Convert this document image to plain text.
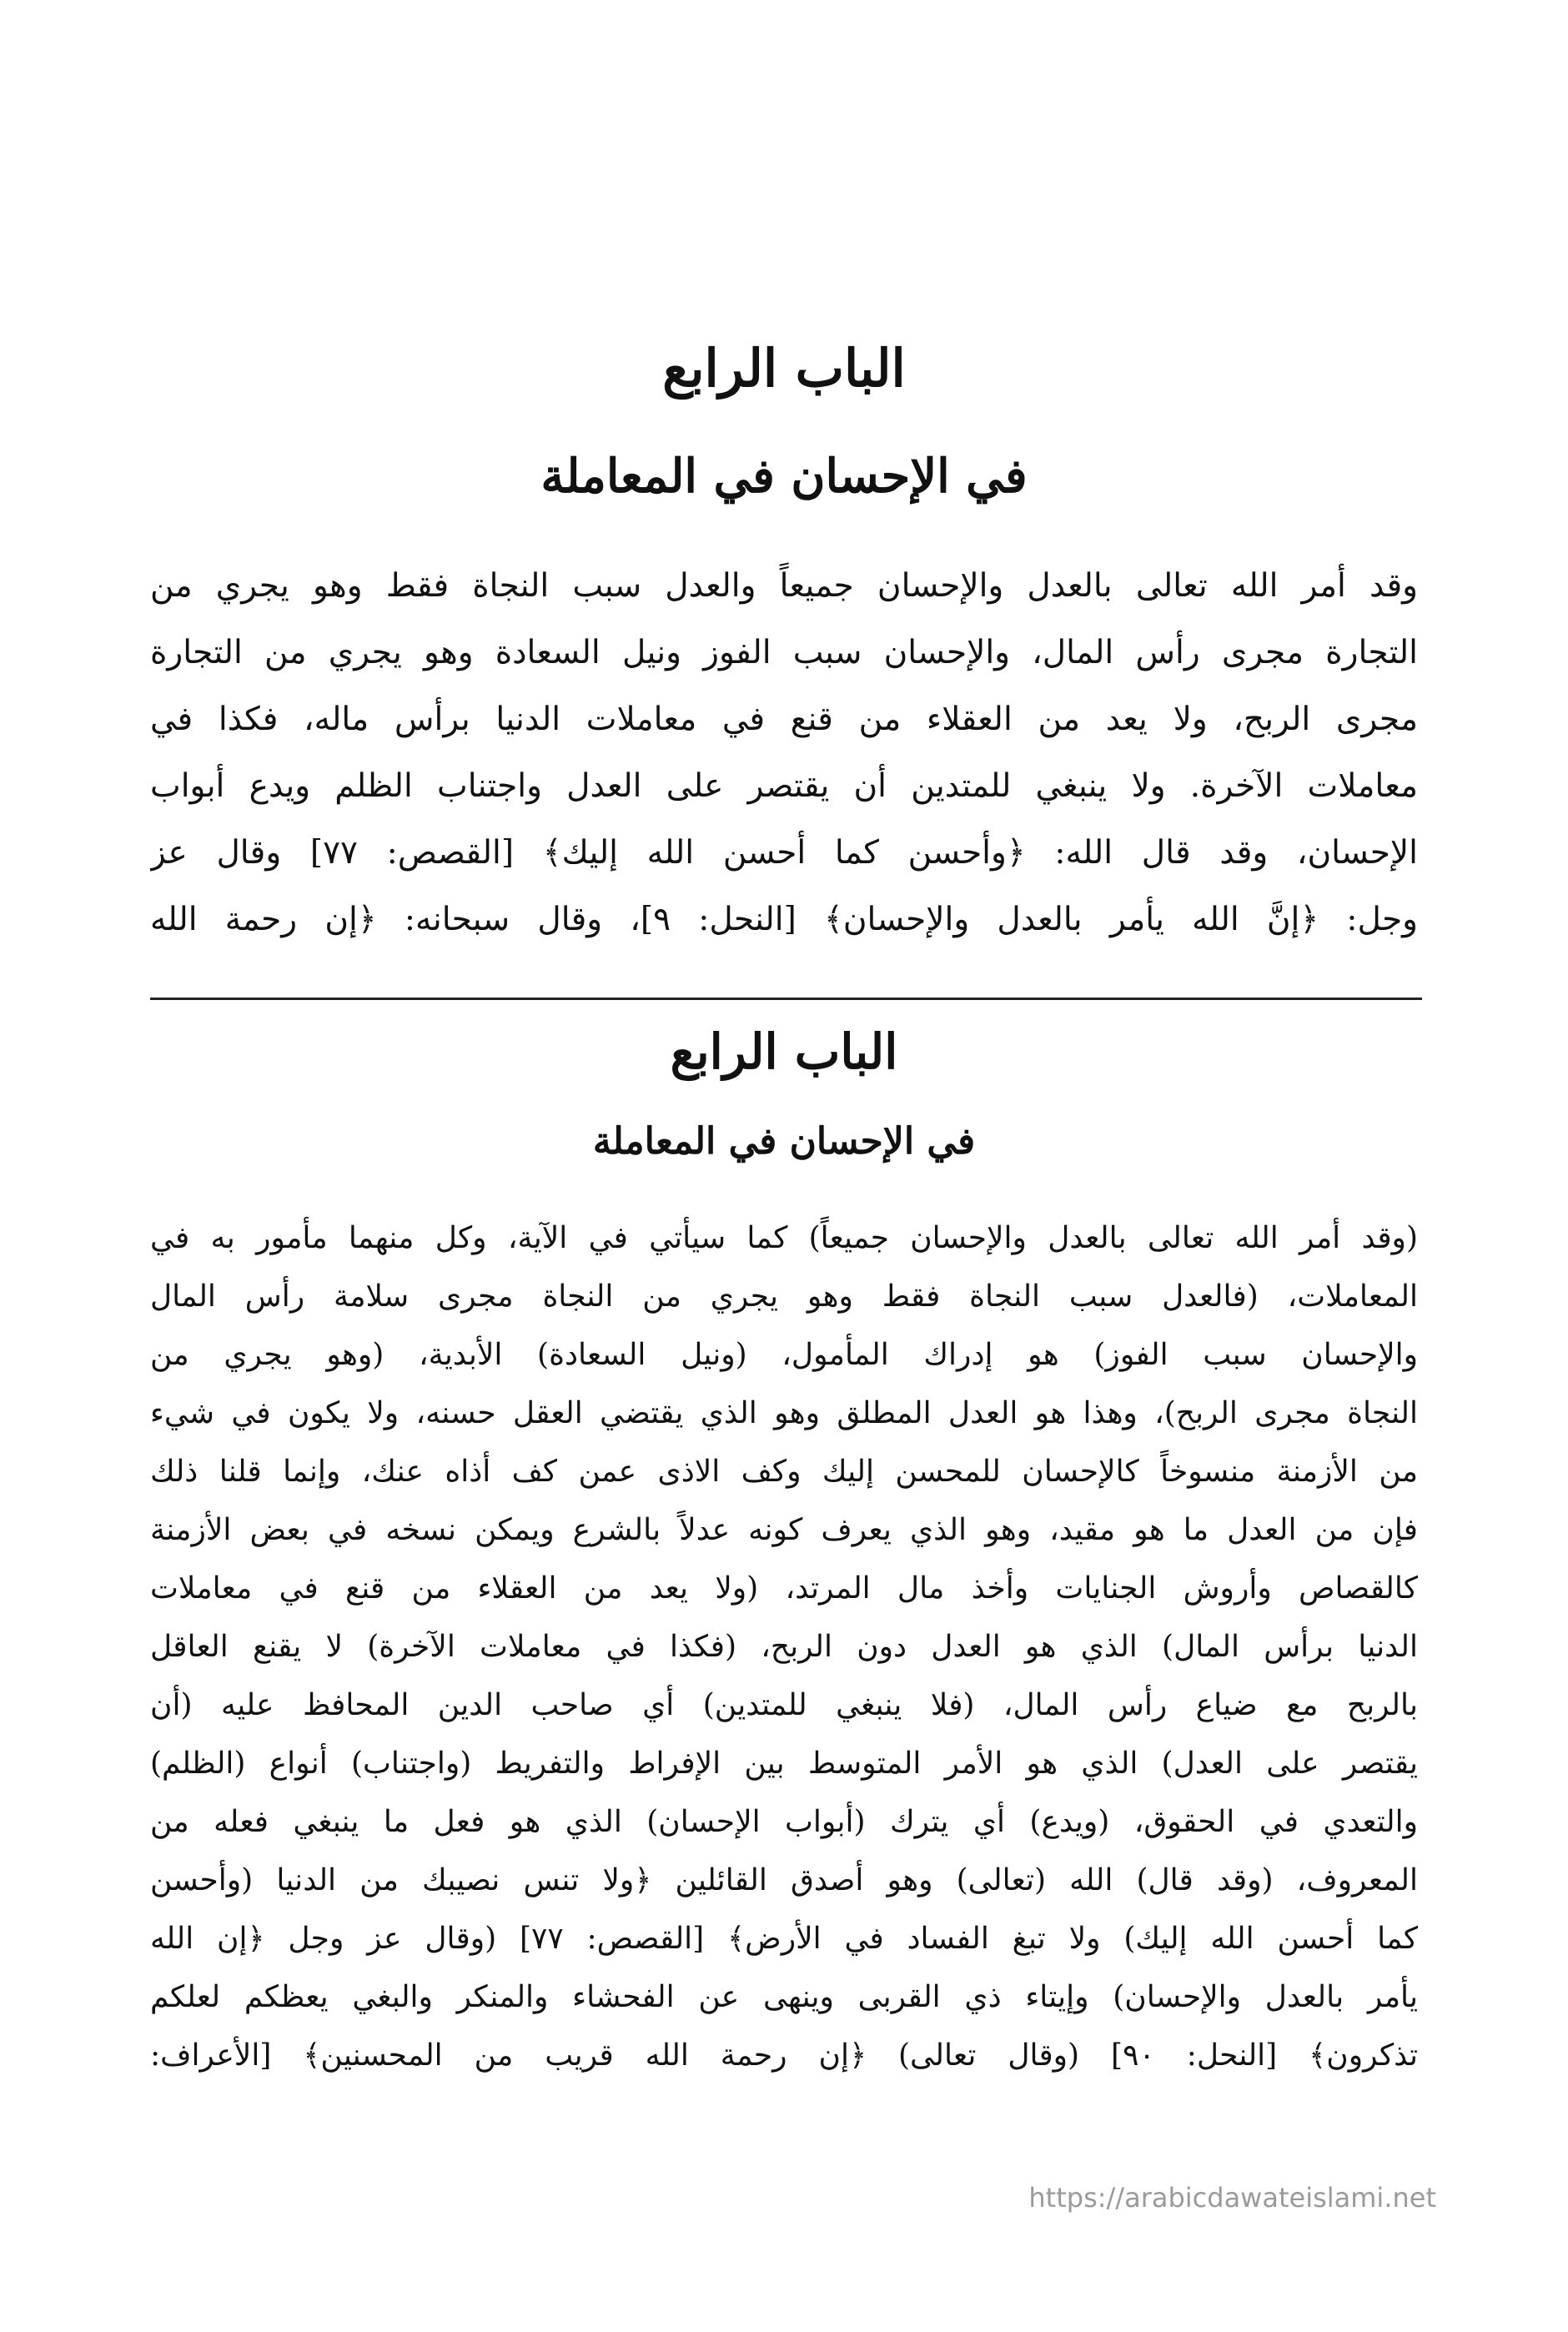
الباب الرابع
في الإحسان في المعاملة
وقد أمر الله تعالى بالعدل والإحسان جميعاً والعدل سبب النجاة فقط وهو يجري من
التجارة مجرى رأس المال، والإحسان سبب الفوز ونيل السعادة وهو يجري من التجارة
مجرى الربح، ولا يعد من العقلاء من قنع في معاملات الدنيا برأس ماله، فكذا في
معاملات الآخرة. ولا ينبغي للمتدين أن يقتصر على العدل واجتناب الظلم ويدع أبواب
الإحسان، وقد قال الله: ﴿وأحسن كما أحسن الله إليك﴾ [القصص: ٧٧] وقال عز
وجل: ﴿إنَّ الله يأمر بالعدل والإحسان﴾ [النحل: ٩]، وقال سبحانه: ﴿إن رحمة الله
الباب الرابع
في الإحسان في المعاملة
(وقد أمر الله تعالى بالعدل والإحسان جميعاً) كما سيأتي في الآية، وكل منهما مأمور به في
المعاملات، (فالعدل سبب النجاة فقط وهو يجري من النجاة مجرى سلامة رأس المال
والإحسان سبب الفوز) هو إدراك المأمول، (ونيل السعادة) الأبدية، (وهو يجري من
النجاة مجرى الربح)، وهذا هو العدل المطلق وهو الذي يقتضي العقل حسنه، ولا يكون في شيء
من الأزمنة منسوخاً كالإحسان للمحسن إليك وكف الاذى عمن كف أذاه عنك، وإنما قلنا ذلك
فإن من العدل ما هو مقيد، وهو الذي يعرف كونه عدلاً بالشرع ويمكن نسخه في بعض الأزمنة
كالقصاص وأروش الجنايات وأخذ مال المرتد، (ولا يعد من العقلاء من قنع في معاملات
الدنيا برأس المال) الذي هو العدل دون الربح، (فكذا في معاملات الآخرة) لا يقنع العاقل
بالربح مع ضياع رأس المال، (فلا ينبغي للمتدين) أي صاحب الدين المحافظ عليه (أن
يقتصر على العدل) الذي هو الأمر المتوسط بين الإفراط والتفريط (واجتناب) أنواع (الظلم)
والتعدي في الحقوق، (ويدع) أي يترك (أبواب الإحسان) الذي هو فعل ما ينبغي فعله من
المعروف، (وقد قال) الله (تعالى) وهو أصدق القائلين ﴿ولا تنس نصيبك من الدنيا (وأحسن
كما أحسن الله إليك) ولا تبغ الفساد في الأرض﴾ [القصص: ٧٧] (وقال عز وجل ﴿إن الله
يأمر بالعدل والإحسان) وإيتاء ذي القربى وينهى عن الفحشاء والمنكر والبغي يعظكم لعلكم
تذكرون﴾ [النحل: ٩٠] (وقال تعالى) ﴿إن رحمة الله قريب من المحسنين﴾ [الأعراف:
https://arabicdawateislami.net
